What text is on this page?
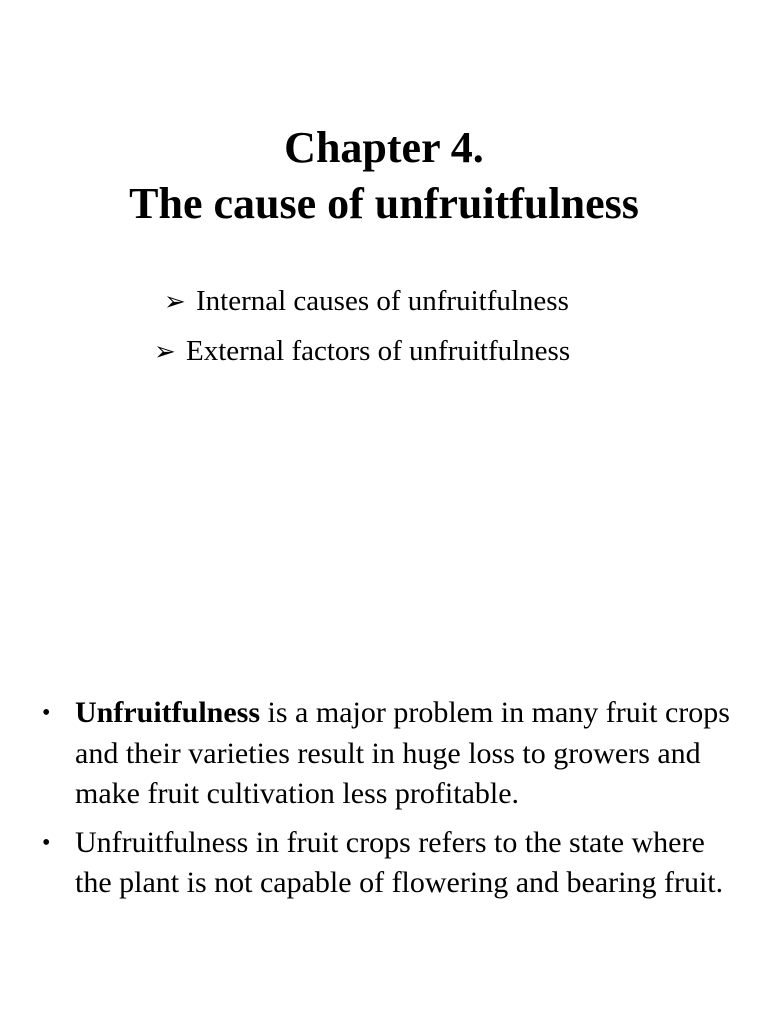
Chapter 4.
The cause of unfruitfulness
➢ Internal causes of unfruitfulness
➢ External factors of unfruitfulness
• Unfruitfulness is a major problem in many fruit crops and their varieties result in huge loss to growers and make fruit cultivation less profitable.
• Unfruitfulness in fruit crops refers to the state where the plant is not capable of flowering and bearing fruit.
